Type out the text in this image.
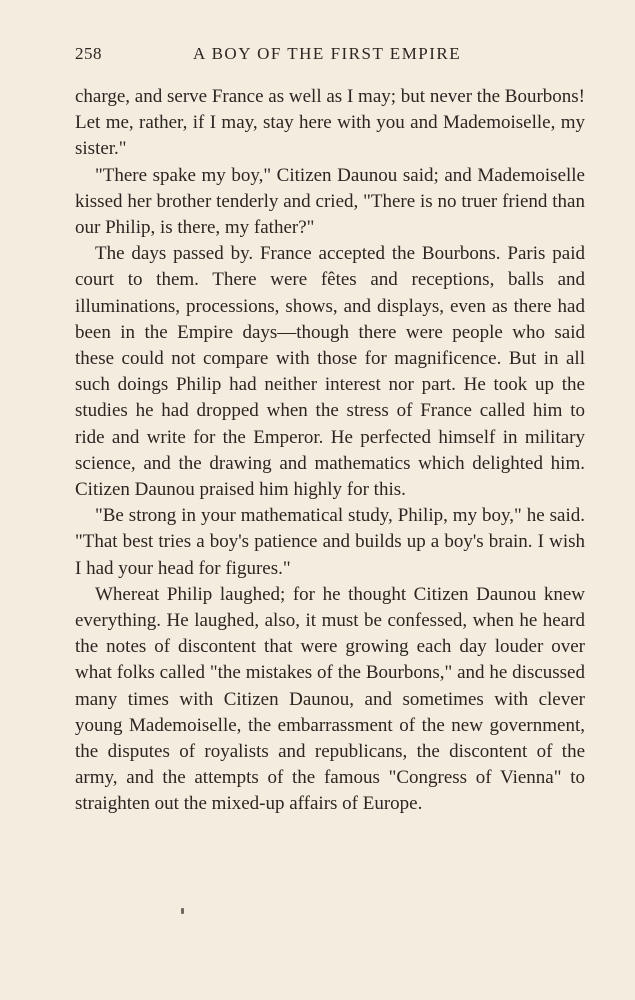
258	A BOY OF THE FIRST EMPIRE

charge, and serve France as well as I may; but never the Bourbons! Let me, rather, if I may, stay here with you and Mademoiselle, my sister."

"There spake my boy," Citizen Daunou said; and Mademoiselle kissed her brother tenderly and cried, "There is no truer friend than our Philip, is there, my father?"

The days passed by. France accepted the Bourbons. Paris paid court to them. There were fêtes and receptions, balls and illuminations, processions, shows, and displays, even as there had been in the Empire days—though there were people who said these could not compare with those for magnificence. But in all such doings Philip had neither interest nor part. He took up the studies he had dropped when the stress of France called him to ride and write for the Emperor. He perfected himself in military science, and the drawing and mathematics which delighted him. Citizen Daunou praised him highly for this.

"Be strong in your mathematical study, Philip, my boy," he said. "That best tries a boy's patience and builds up a boy's brain. I wish I had your head for figures."

Whereat Philip laughed; for he thought Citizen Daunou knew everything. He laughed, also, it must be confessed, when he heard the notes of discontent that were growing each day louder over what folks called "the mistakes of the Bourbons," and he discussed many times with Citizen Daunou, and sometimes with clever young Mademoiselle, the embarrassment of the new government, the disputes of royalists and republicans, the discontent of the army, and the attempts of the famous "Congress of Vienna" to straighten out the mixed-up affairs of Europe.
